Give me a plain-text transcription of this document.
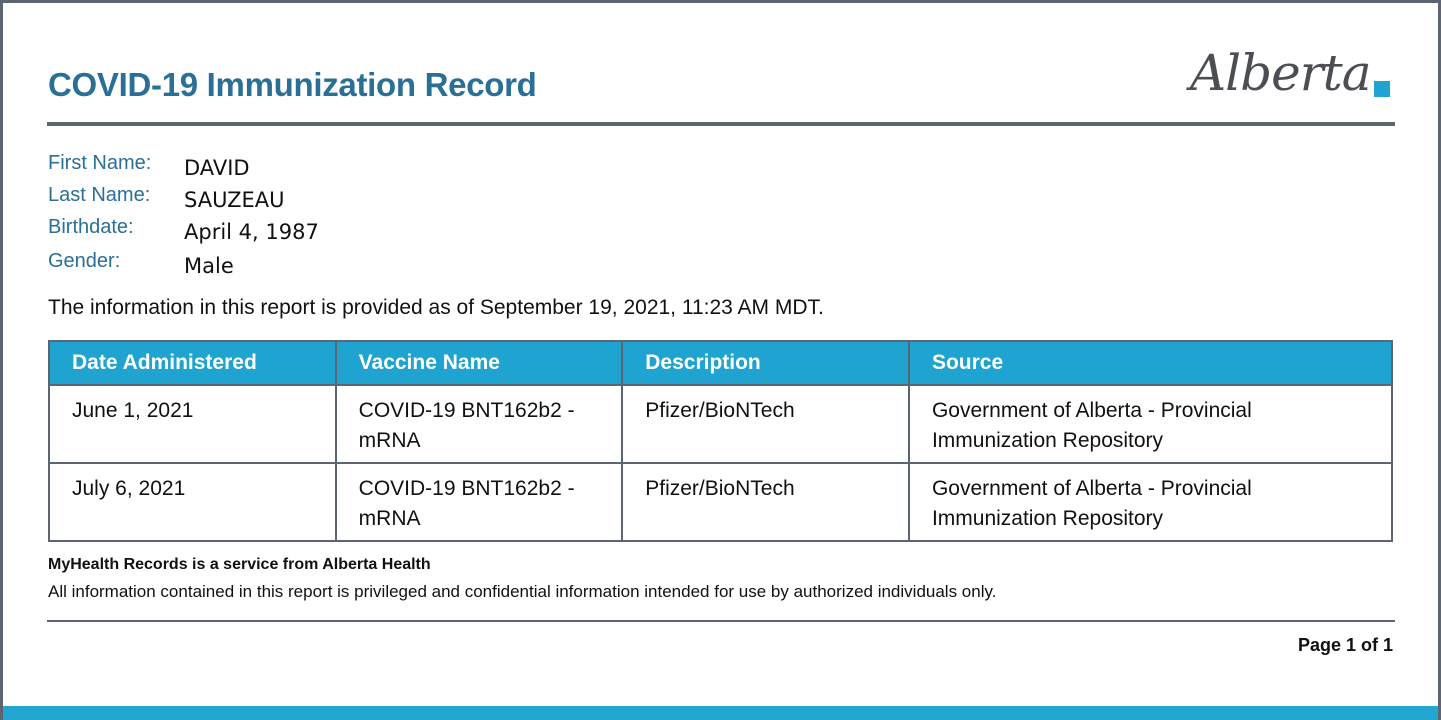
COVID-19 Immunization Record	Alberta
First Name: DAVID
Last Name: SAUZEAU
Birthdate: April 4, 1987
Gender:	Male
The information in this report is provided as of September 19, 2021, 11:23 AM MDT.
Date Administered	Vaccine Name	Description	Source
June 1, 2021	COVID-19 BNT162b2 - mRNA	Pfizer/BioNTech	Government of Alberta - Provincial Immunization Repository
July 6, 2021	COVID-19 BNT162b2 - mRNA	Pfizer/BioNTech	Government of Alberta - Provincial Immunization Repository
MyHealth Records is a service from Alberta Health
All information contained in this report is privileged and confidential information intended for use by authorized individuals only.
Page 1 of 1
